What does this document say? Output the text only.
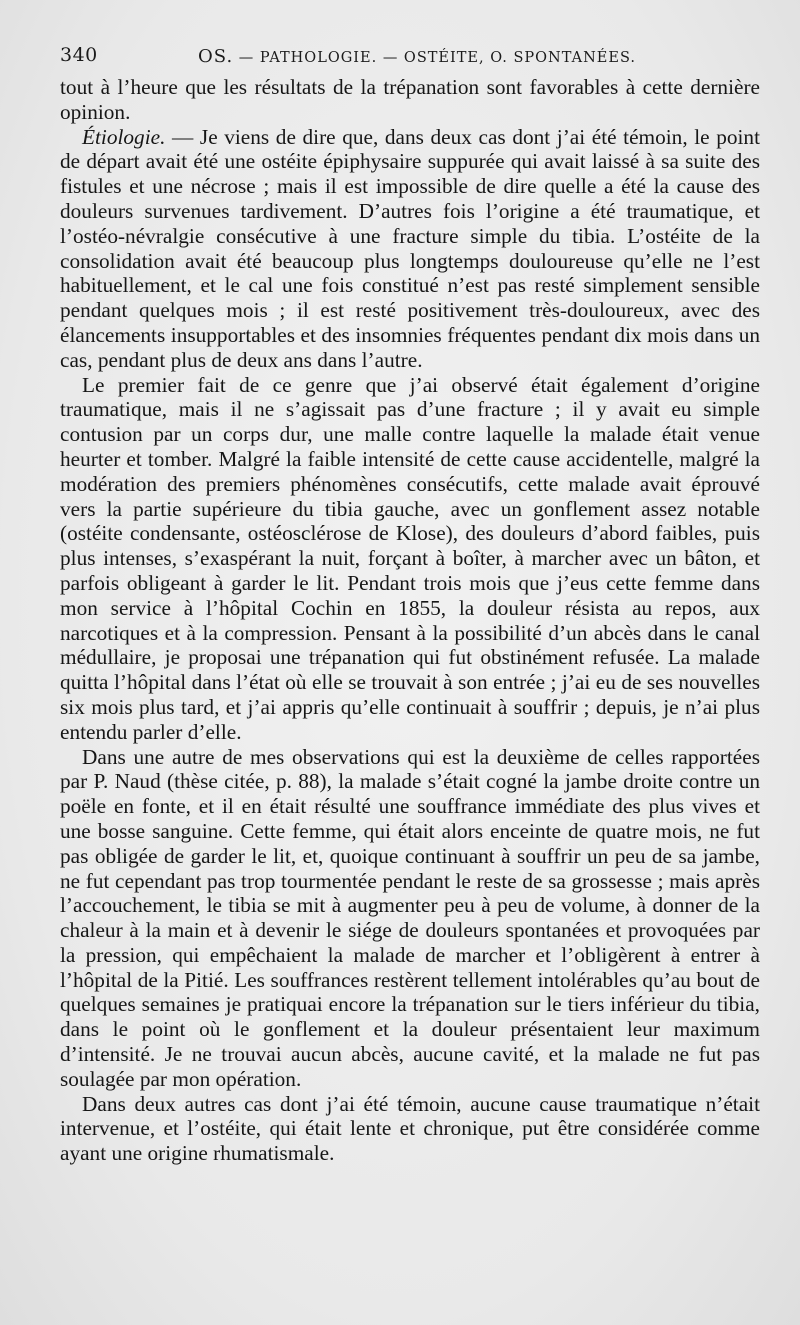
340	OS. — PATHOLOGIE. — OSTÉITE, O. SPONTANÉES.

tout à l’heure que les résultats de la trépanation sont favorables à cette dernière opinion.

Étiologie. — Je viens de dire que, dans deux cas dont j’ai été témoin, le point de départ avait été une ostéite épiphysaire suppurée qui avait laissé à sa suite des fistules et une nécrose ; mais il est impossible de dire quelle a été la cause des douleurs survenues tardivement. D’autres fois l’origine a été traumatique, et l’ostéo-névralgie consécutive à une fracture simple du tibia. L’ostéite de la consolidation avait été beaucoup plus longtemps douloureuse qu’elle ne l’est habituellement, et le cal une fois constitué n’est pas resté simplement sensible pendant quelques mois ; il est resté positivement très-douloureux, avec des élancements insupportables et des insomnies fréquentes pendant dix mois dans un cas, pendant plus de deux ans dans l’autre.

Le premier fait de ce genre que j’ai observé était également d’origine traumatique, mais il ne s’agissait pas d’une fracture ; il y avait eu simple contusion par un corps dur, une malle contre laquelle la malade était venue heurter et tomber. Malgré la faible intensité de cette cause accidentelle, malgré la modération des premiers phénomènes consécutifs, cette malade avait éprouvé vers la partie supérieure du tibia gauche, avec un gonflement assez notable (ostéite condensante, ostéosclérose de Klose), des douleurs d’abord faibles, puis plus intenses, s’exaspérant la nuit, forçant à boîter, à marcher avec un bâton, et parfois obligeant à garder le lit. Pendant trois mois que j’eus cette femme dans mon service à l’hôpital Cochin en 1855, la douleur résista au repos, aux narcotiques et à la compression. Pensant à la possibilité d’un abcès dans le canal médullaire, je proposai une trépanation qui fut obstinément refusée. La malade quitta l’hôpital dans l’état où elle se trouvait à son entrée ; j’ai eu de ses nouvelles six mois plus tard, et j’ai appris qu’elle continuait à souffrir ; depuis, je n’ai plus entendu parler d’elle.

Dans une autre de mes observations qui est la deuxième de celles rapportées par P. Naud (thèse citée, p. 88), la malade s’était cogné la jambe droite contre un poële en fonte, et il en était résulté une souffrance immédiate des plus vives et une bosse sanguine. Cette femme, qui était alors enceinte de quatre mois, ne fut pas obligée de garder le lit, et, quoique continuant à souffrir un peu de sa jambe, ne fut cependant pas trop tourmentée pendant le reste de sa grossesse ; mais après l’accouchement, le tibia se mit à augmenter peu à peu de volume, à donner de la chaleur à la main et à devenir le siége de douleurs spontanées et provoquées par la pression, qui empêchaient la malade de marcher et l’obligèrent à entrer à l’hôpital de la Pitié. Les souffrances restèrent tellement intolérables qu’au bout de quelques semaines je pratiquai encore la trépanation sur le tiers inférieur du tibia, dans le point où le gonflement et la douleur présentaient leur maximum d’intensité. Je ne trouvai aucun abcès, aucune cavité, et la malade ne fut pas soulagée par mon opération.

Dans deux autres cas dont j’ai été témoin, aucune cause traumatique n’était intervenue, et l’ostéite, qui était lente et chronique, put être considérée comme ayant une origine rhumatismale.
